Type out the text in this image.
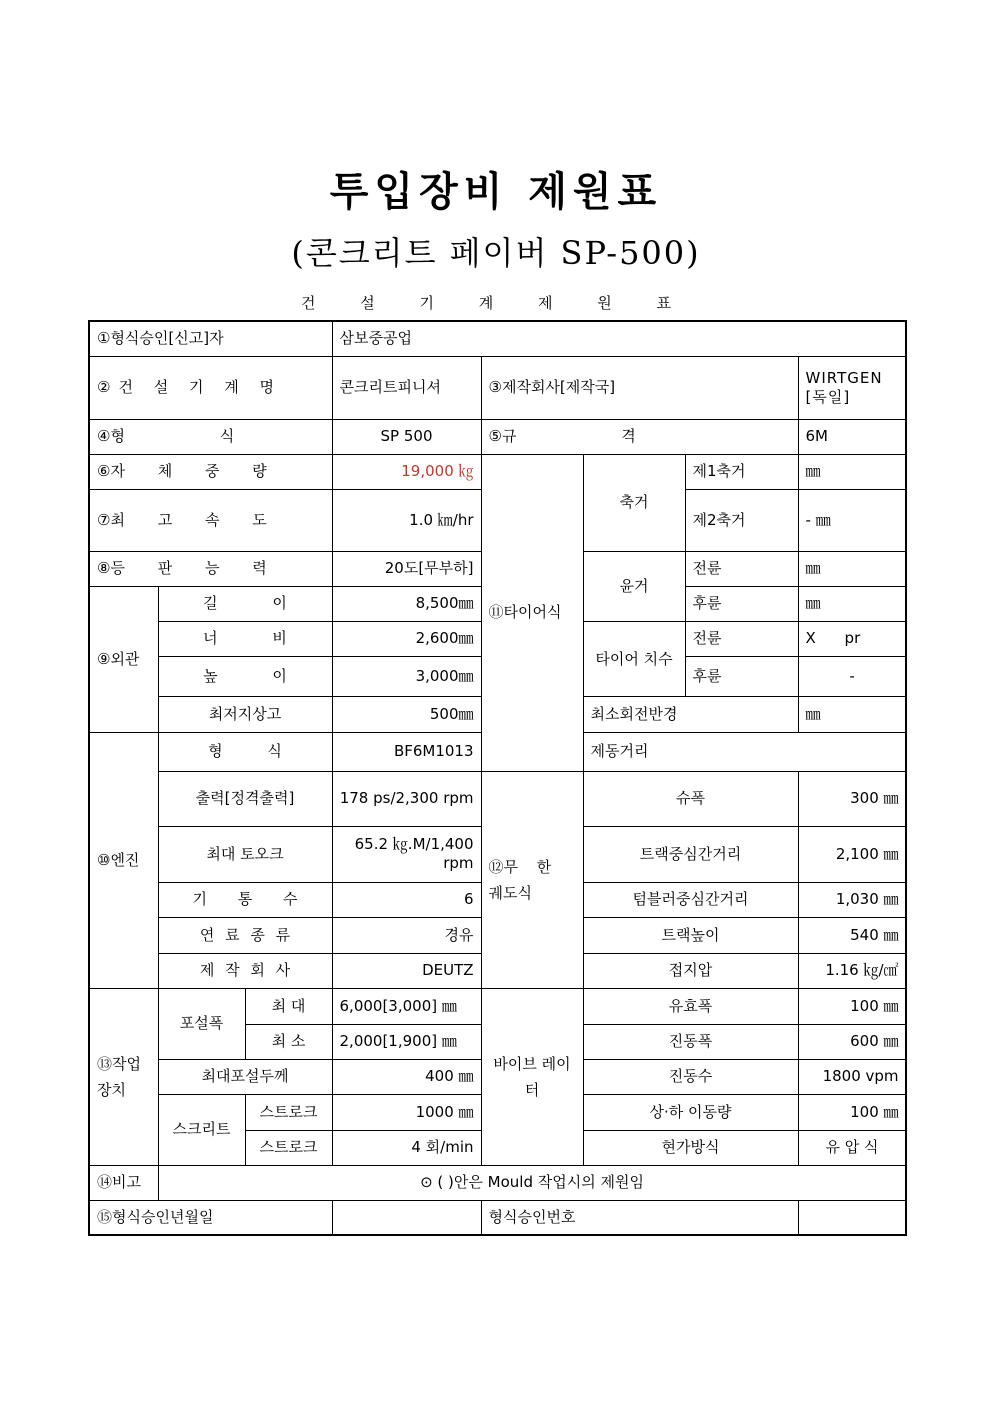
투입장비 제원표
(콘크리트 페이버 SP-500)
건 설 기 계 제 원 표
①형식승인[신고]자			삼보중공업					
②건 설 기 계 명			콘크리트피니셔	③제작회사[제작국]			WIRTGEN [독일]	
④형 식			SP 500	⑤규 격			6M	
⑥자 체 중 량			19,000 ㎏	⑪타이어식	축거	제1축거	㎜	
⑦최 고 속 도			1.0 ㎞/hr			제2축거	- ㎜	
⑧등 판 능 력			20도[무부하]		윤거	전륜	㎜	
⑨외관	길 이		8,500㎜			후륜	㎜	
	너 비		2,600㎜		타이어 치수	전륜	X pr	
	높 이		3,000㎜			후륜	-	
	최저지상고		500㎜		최소회전반경		㎜	
⑩엔진	형 식		BF6M1013		제동거리	
	출력[정격출력]		178 ps/2,300 rpm	⑫무 한 궤도식	슈폭		300 ㎜	
	최대 토오크		65.2 ㎏.M/1,400 rpm		트랙중심간거리		2,100 ㎜	
	기 통 수		6		텀블러중심간거리		1,030 ㎜	
	연 료 종 류		경유		트랙높이		540 ㎜	
	제 작 회 사		DEUTZ		접지압		1.16 ㎏/㎠	
⑬작업 장치	포설폭	최 대	6,000[3,000] ㎜	바이브 레이터	유효폭		100 ㎜	
		최 소	2,000[1,900] ㎜		진동폭		600 ㎜	
	최대포설두께		400 ㎜		진동수		1800 vpm	
	스크리트	스트로크	1000 ㎜		상·하 이동량		100 ㎜	
		스트로크	4 회/min		현가방식		유 압 식	
⑭비고	⊙ ( )안은 Mould 작업시의 제원임							
⑮형식승인년월일				형식승인번호				
